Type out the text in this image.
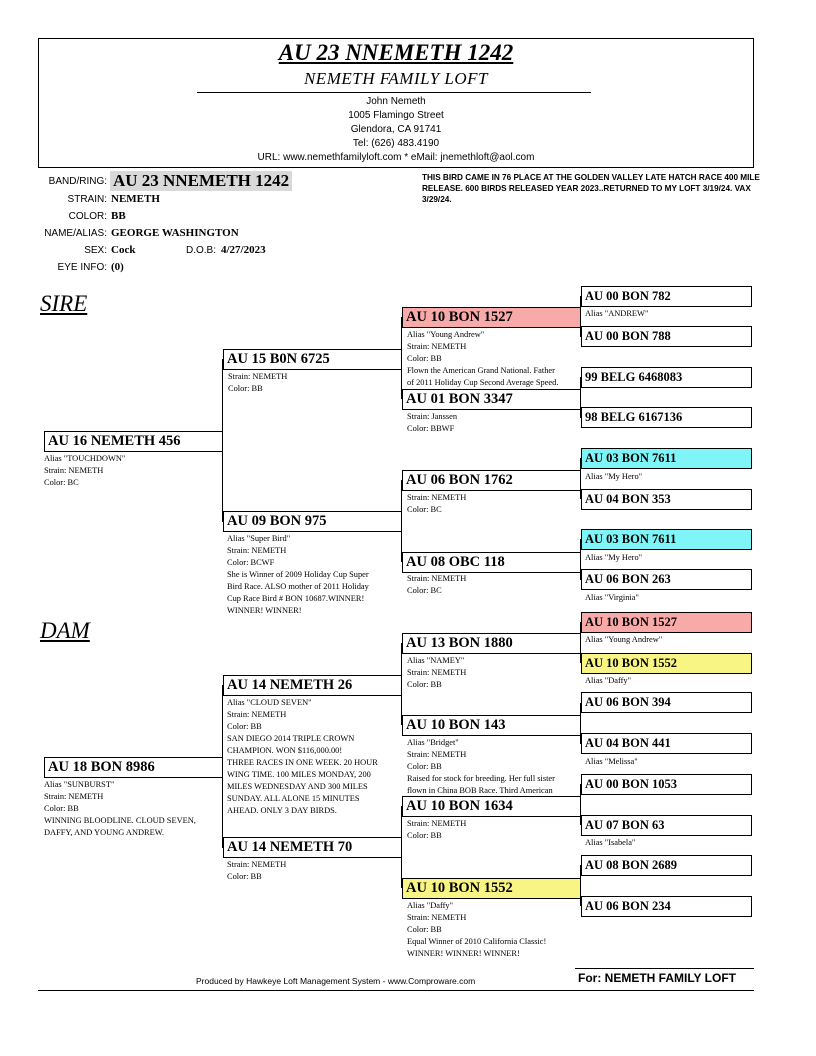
AU 23 NNEMETH 1242
NEMETH FAMILY LOFT
John Nemeth
1005 Flamingo Street
Glendora, CA 91741
Tel: (626) 483.4190
URL: www.nemethfamilyloft.com * eMail: jnemethloft@aol.com
BAND/RING: AU 23 NNEMETH 1242
STRAIN: NEMETH
COLOR: BB
NAME/ALIAS: GEORGE WASHINGTON
SEX: Cock	D.O.B: 4/27/2023
EYE INFO: (0)
THIS BIRD CAME IN 76 PLACE AT THE GOLDEN VALLEY LATE HATCH RACE 400 MILE RELEASE. 600 BIRDS RELEASED YEAR 2023..RETURNED TO MY LOFT 3/19/24. VAX 3/29/24.
SIRE
DAM
AU 16 NEMETH 456
Alias "TOUCHDOWN"
Strain: NEMETH
Color: BC
AU 18 BON 8986
Alias "SUNBURST"
Strain: NEMETH
Color: BB
WINNING BLOODLINE. CLOUD SEVEN,
DAFFY, AND YOUNG ANDREW.
AU 15 B0N 6725
Strain: NEMETH
Color: BB
AU 09 BON 975
Alias "Super Bird"
Strain: NEMETH
Color: BCWF
She is Winner of 2009 Holiday Cup Super
Bird Race. ALSO mother of 2011 Holiday
Cup Race Bird # BON 10687.WINNER!
WINNER! WINNER!
AU 14 NEMETH 26
Alias "CLOUD SEVEN"
Strain: NEMETH
Color: BB
SAN DIEGO 2014 TRIPLE CROWN
CHAMPION. WON $116,000.00!
THREE RACES IN ONE WEEK. 20 HOUR
WING TIME. 100 MILES MONDAY, 200
MILES WEDNESDAY AND 300 MILES
SUNDAY. ALL ALONE 15 MINUTES
AHEAD. ONLY 3 DAY BIRDS.
AU 14 NEMETH 70
Strain: NEMETH
Color: BB
AU 10 BON 1527
Alias "Young Andrew"
Strain: NEMETH
Color: BB
Flown the American Grand National. Father
of 2011 Holiday Cup Second Average Speed.
AU 01 BON 3347
Strain: Janssen
Color: BBWF
AU 06 BON 1762
Strain: NEMETH
Color: BC
AU 08 OBC 118
Strain: NEMETH
Color: BC
AU 13 BON 1880
Alias "NAMEY"
Strain: NEMETH
Color: BB
AU 10 BON 143
Alias "Bridget"
Strain: NEMETH
Color: BB
Raised for stock for breeding. Her full sister
flown in China BOB Race. Third American
AU 10 BON 1634
Strain: NEMETH
Color: BB
AU 10 BON 1552
Alias "Daffy"
Strain: NEMETH
Color: BB
Equal Winner of 2010 California Classic!
WINNER! WINNER! WINNER!
AU 00 BON 782
Alias "ANDREW"
AU 00 BON 788
99 BELG 6468083
98 BELG 6167136
AU 03 BON 7611
Alias "My Hero"
AU 04 BON 353
AU 03 BON 7611
Alias "My Hero"
AU 06 BON 263
Alias "Virginia"
AU 10 BON 1527
Alias "Young Andrew"
AU 10 BON 1552
Alias "Daffy"
AU 06 BON 394
AU 04 BON 441
Alias "Melissa"
AU 00 BON 1053
AU 07 BON 63
Alias "Isabela"
AU 08 BON 2689
AU 06 BON 234
Produced by Hawkeye Loft Management System - www.Comproware.com	For: NEMETH FAMILY LOFT
